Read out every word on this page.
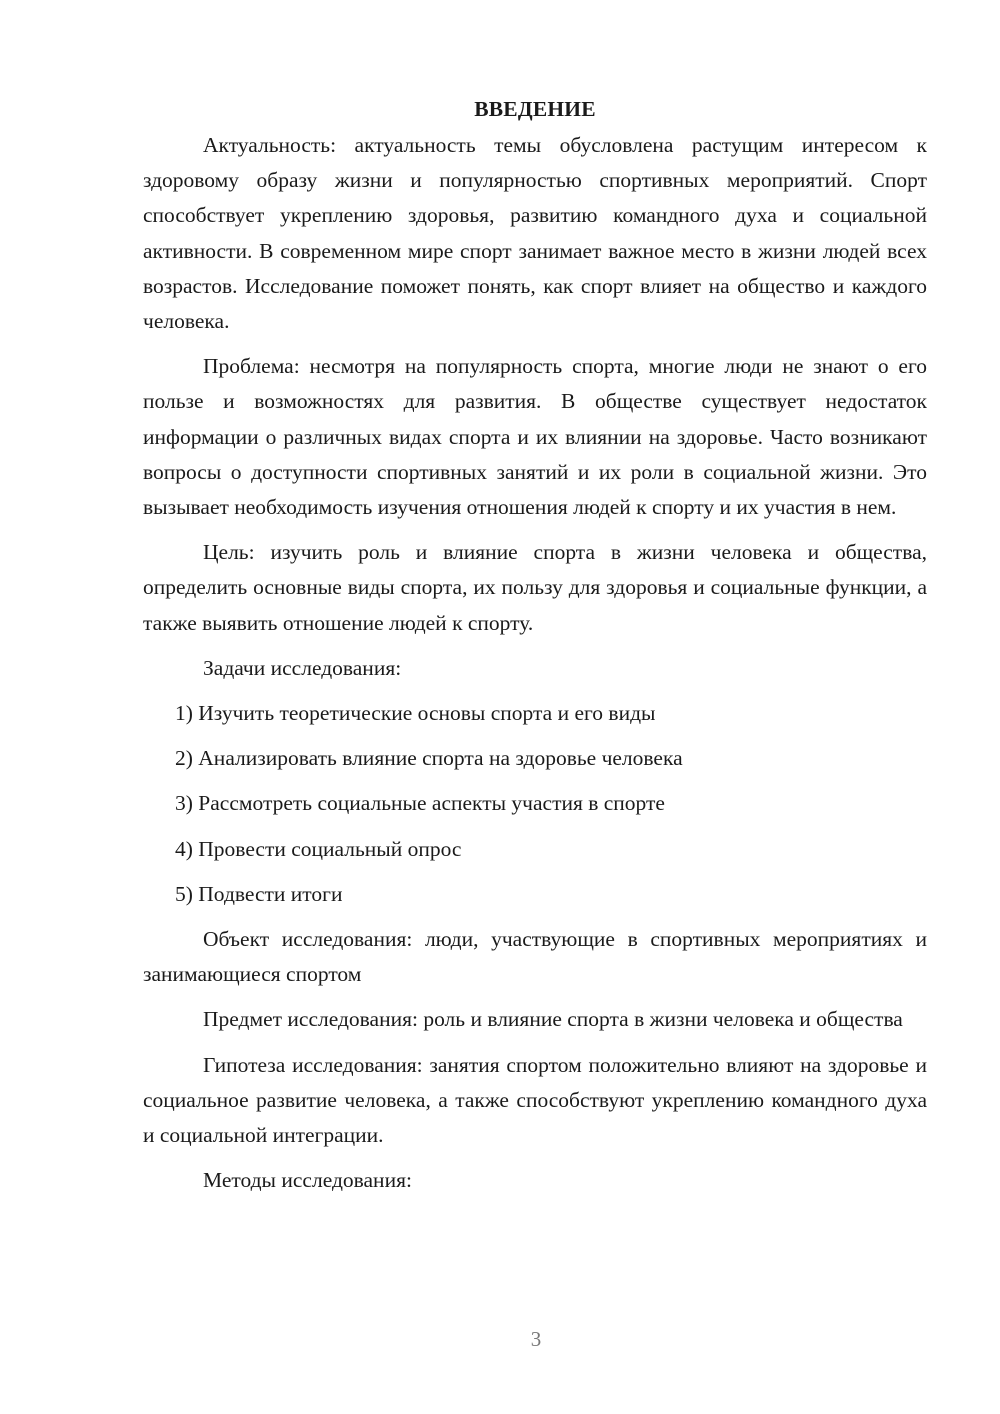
ВВЕДЕНИЕ

Актуальность: актуальность темы обусловлена растущим интересом к здоровому образу жизни и популярностью спортивных мероприятий. Спорт способствует укреплению здоровья, развитию командного духа и социальной активности. В современном мире спорт занимает важное место в жизни людей всех возрастов. Исследование поможет понять, как спорт влияет на общество и каждого человека.

Проблема: несмотря на популярность спорта, многие люди не знают о его пользе и возможностях для развития. В обществе существует недостаток информации о различных видах спорта и их влиянии на здоровье. Часто возникают вопросы о доступности спортивных занятий и их роли в социальной жизни. Это вызывает необходимость изучения отношения людей к спорту и их участия в нем.

Цель: изучить роль и влияние спорта в жизни человека и общества, определить основные виды спорта, их пользу для здоровья и социальные функции, а также выявить отношение людей к спорту.

Задачи исследования:

1) Изучить теоретические основы спорта и его виды
2) Анализировать влияние спорта на здоровье человека
3) Рассмотреть социальные аспекты участия в спорте
4) Провести социальный опрос
5) Подвести итоги

Объект исследования: люди, участвующие в спортивных мероприятиях и занимающиеся спортом

Предмет исследования: роль и влияние спорта в жизни человека и общества

Гипотеза исследования: занятия спортом положительно влияют на здоровье и социальное развитие человека, а также способствуют укреплению командного духа и социальной интеграции.

Методы исследования:

3
